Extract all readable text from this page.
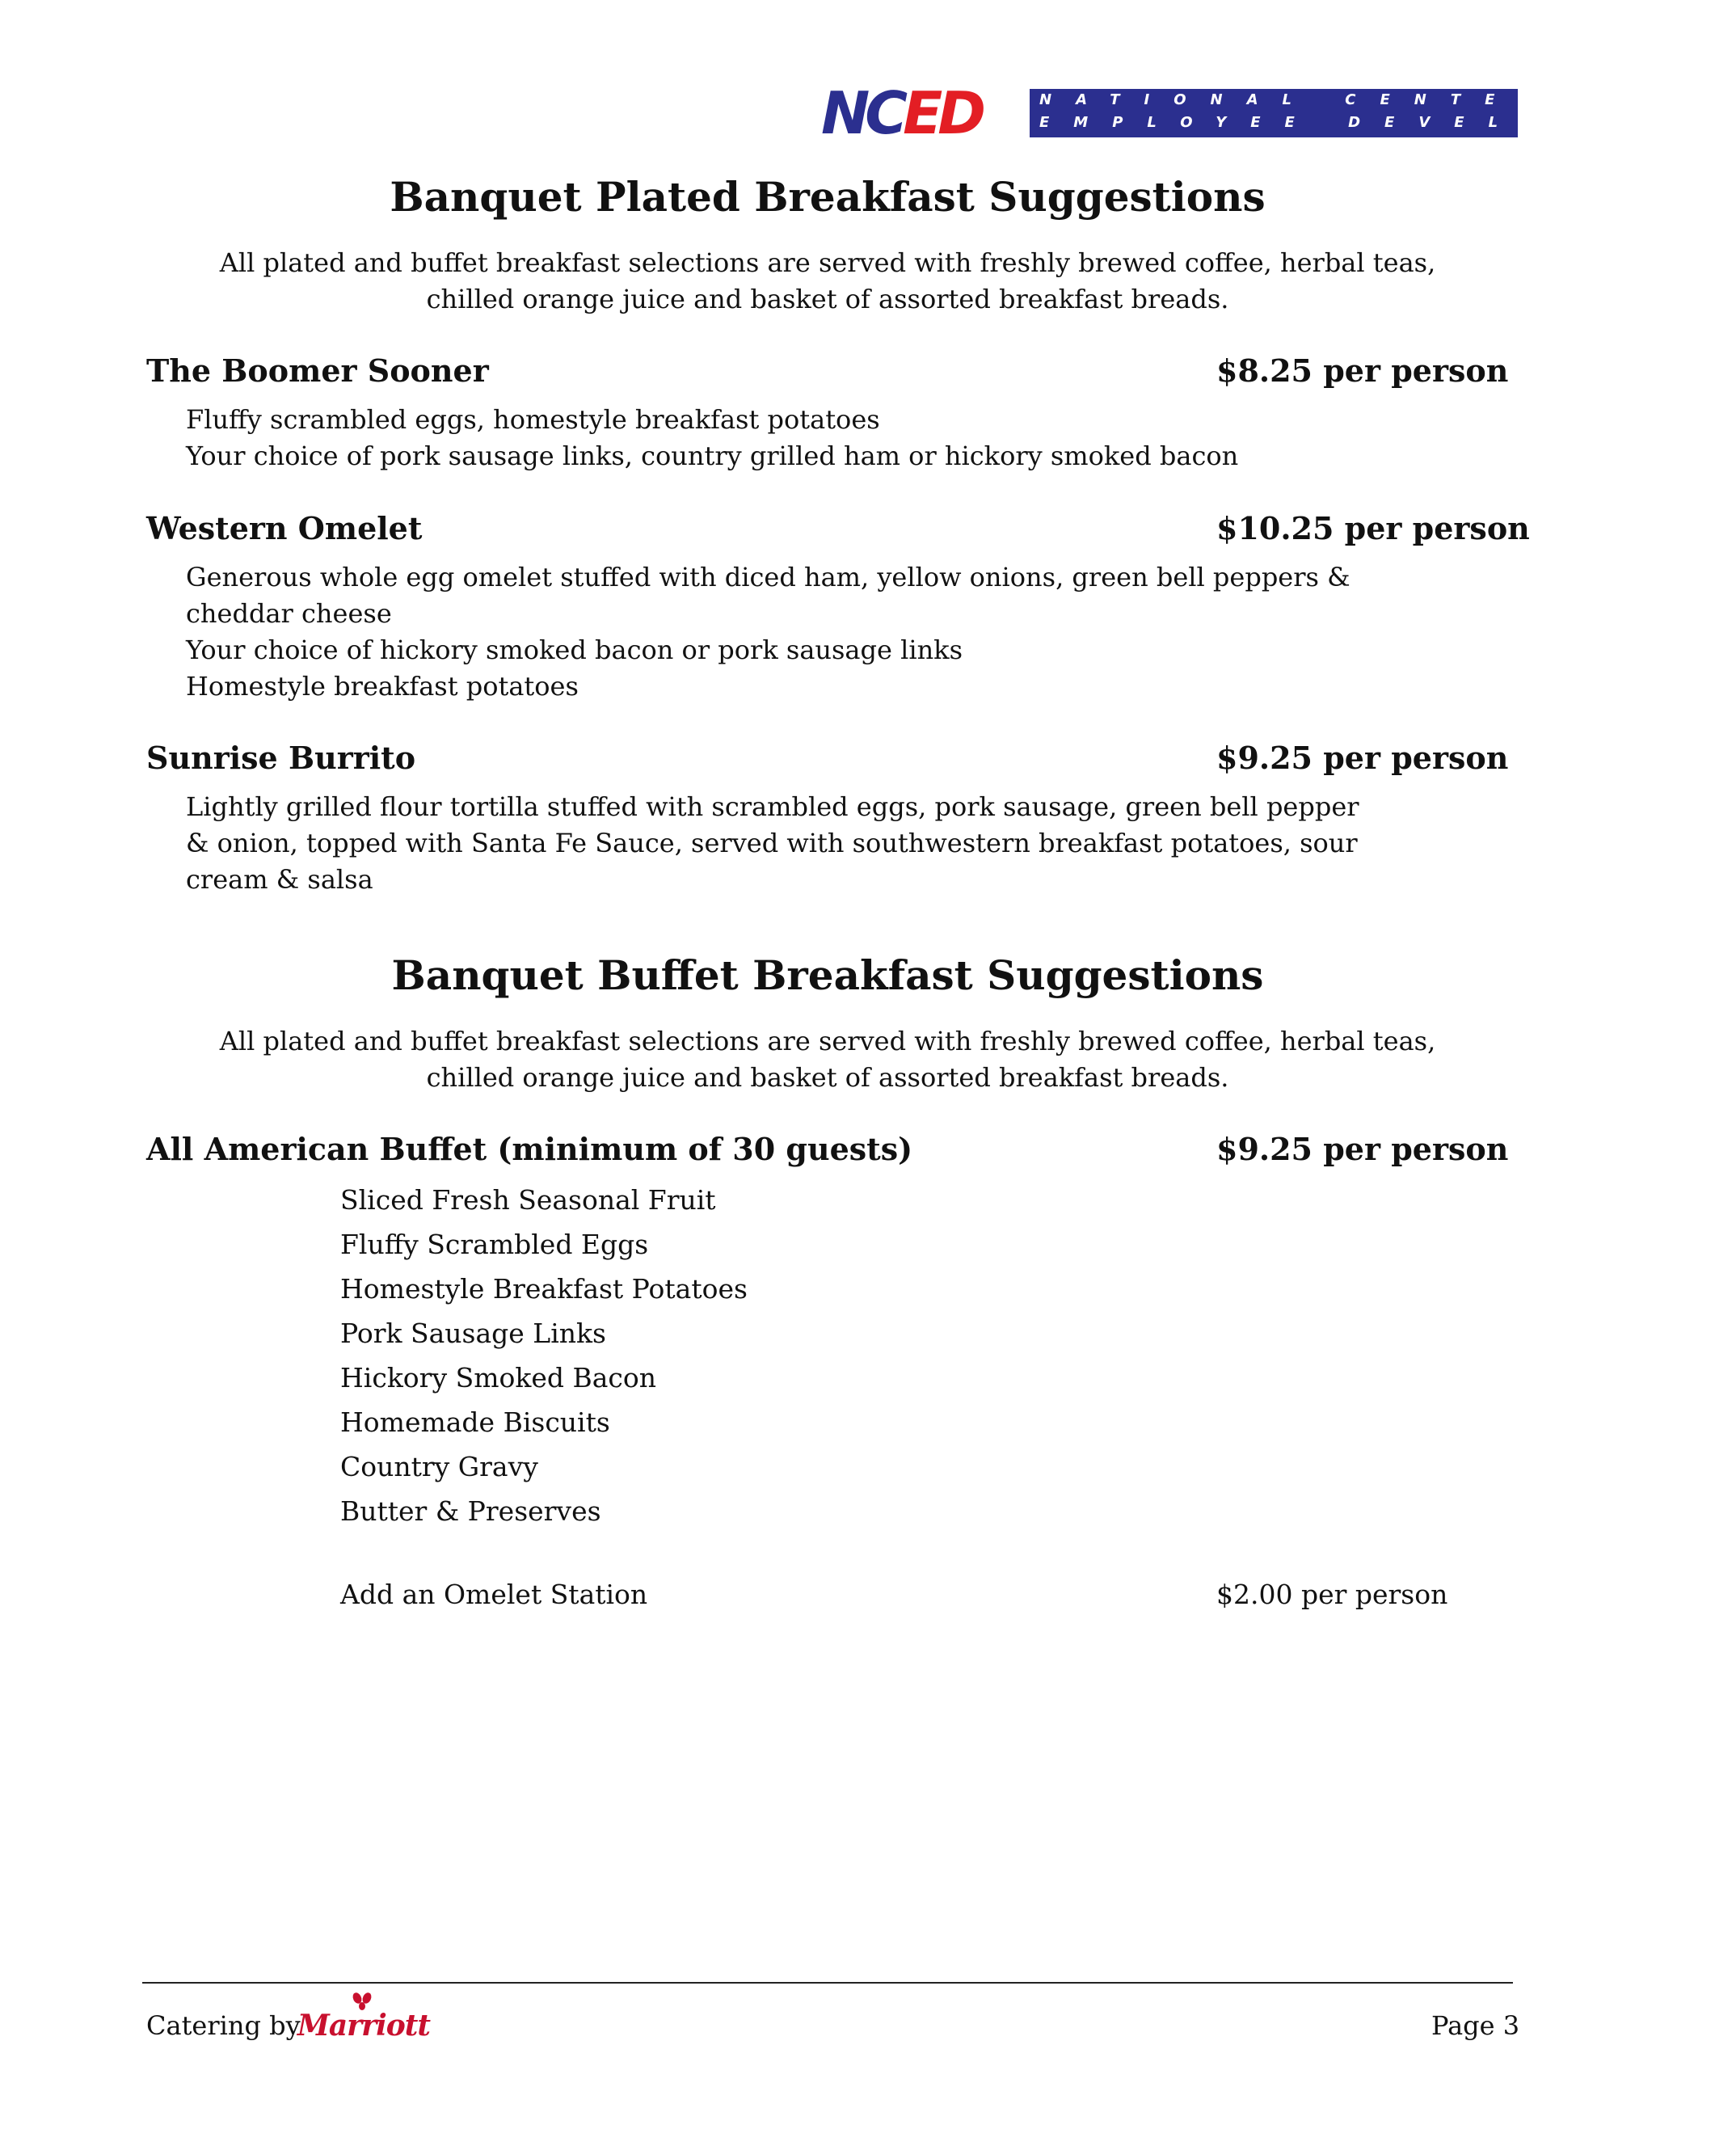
NATIONAL CENTER FOR
EMPLOYEE DEVELOPMENT
NCED
Banquet Plated Breakfast Suggestions
All plated and buffet breakfast selections are served with freshly brewed coffee, herbal teas,
chilled orange juice and basket of assorted breakfast breads.
The Boomer Sooner	$8.25 per person
Fluffy scrambled eggs, homestyle breakfast potatoes
Your choice of pork sausage links, country grilled ham or hickory smoked bacon
Western Omelet	$10.25 per person
Generous whole egg omelet stuffed with diced ham, yellow onions, green bell peppers &
cheddar cheese
Your choice of hickory smoked bacon or pork sausage links
Homestyle breakfast potatoes
Sunrise Burrito	$9.25 per person
Lightly grilled flour tortilla stuffed with scrambled eggs, pork sausage, green bell pepper
& onion, topped with Santa Fe Sauce, served with southwestern breakfast potatoes, sour
cream & salsa
Banquet Buffet Breakfast Suggestions
All plated and buffet breakfast selections are served with freshly brewed coffee, herbal teas,
chilled orange juice and basket of assorted breakfast breads.
All American Buffet (minimum of 30 guests)	$9.25 per person
Sliced Fresh Seasonal Fruit
Fluffy Scrambled Eggs
Homestyle Breakfast Potatoes
Pork Sausage Links
Hickory Smoked Bacon
Homemade Biscuits
Country Gravy
Butter & Preserves
Add an Omelet Station	$2.00 per person
Catering by
Marriott	Page 3
